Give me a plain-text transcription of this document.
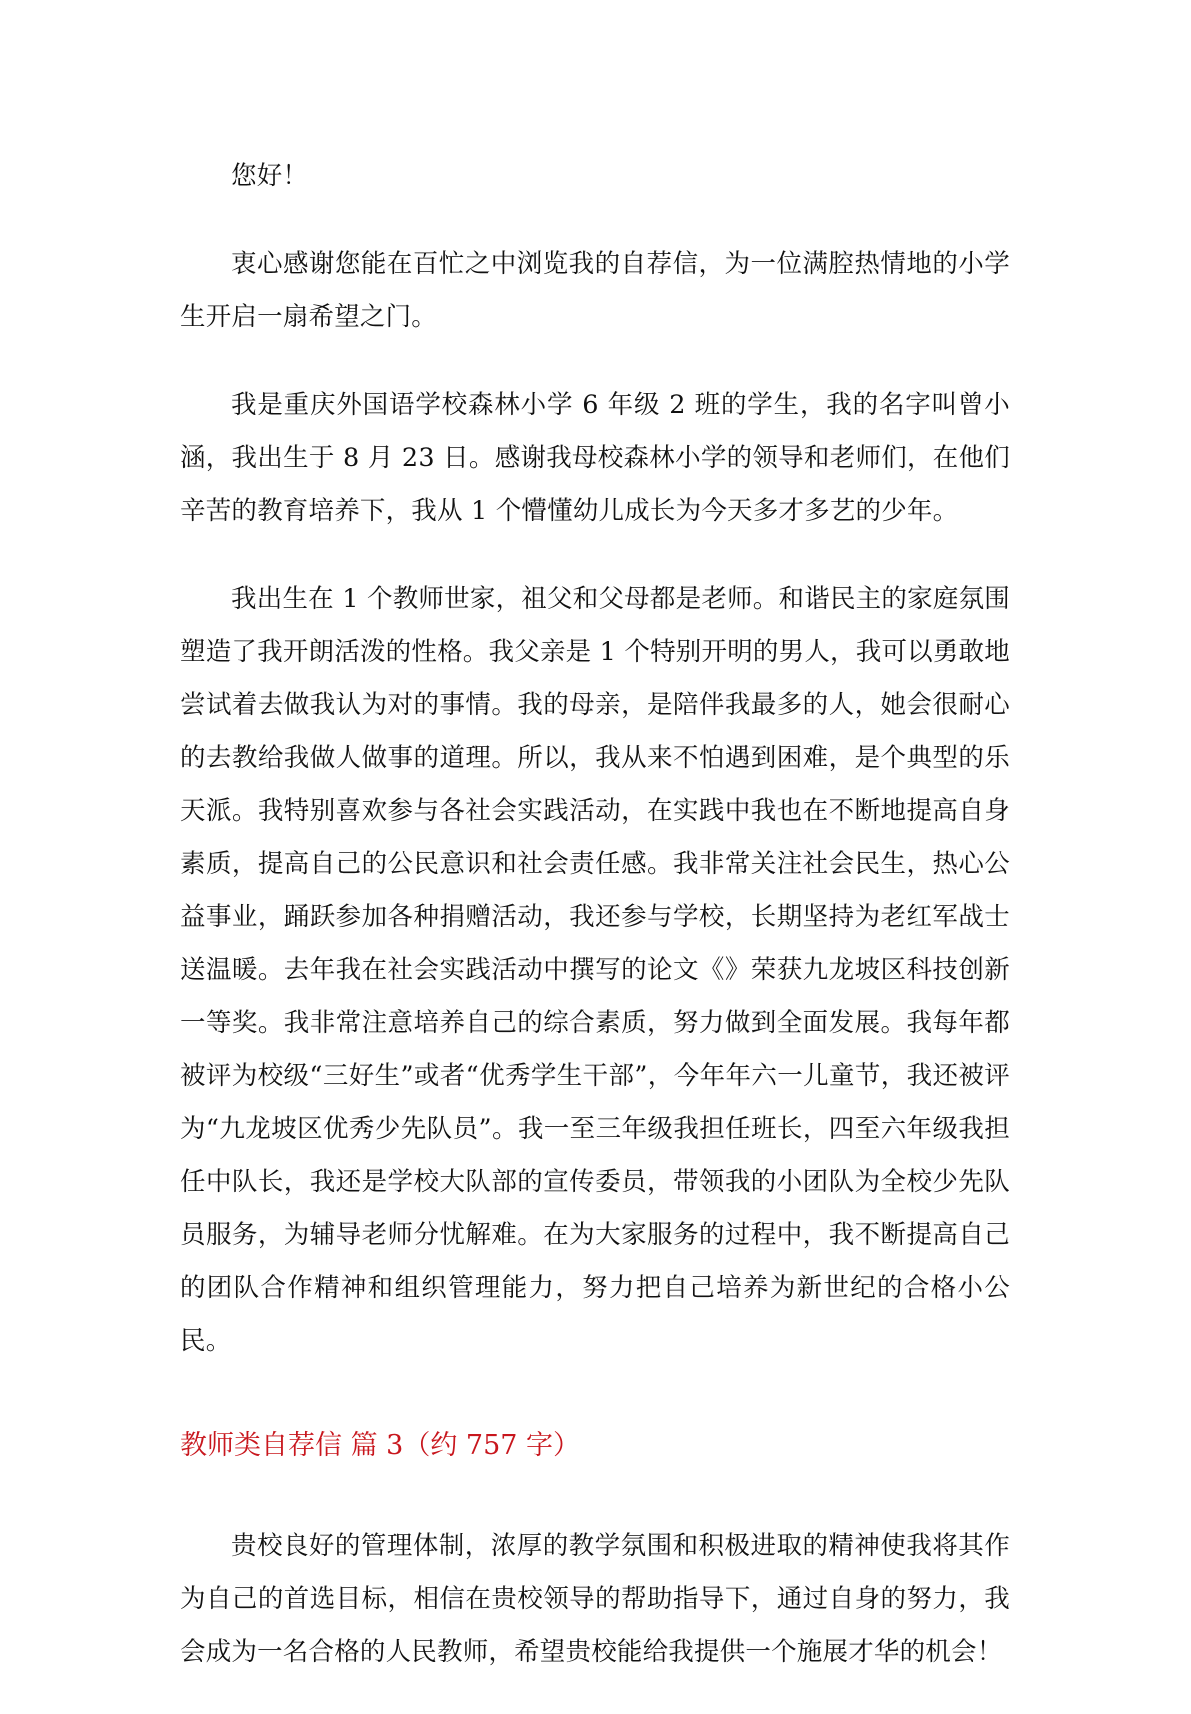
您好！

衷心感谢您能在百忙之中浏览我的自荐信，为一位满腔热情地的小学生开启一扇希望之门。

我是重庆外国语学校森林小学 6 年级 2 班的学生，我的名字叫曾小涵，我出生于 8 月 23 日。感谢我母校森林小学的领导和老师们，在他们辛苦的教育培养下，我从 1 个懵懂幼儿成长为今天多才多艺的少年。

我出生在 1 个教师世家，祖父和父母都是老师。和谐民主的家庭氛围塑造了我开朗活泼的性格。我父亲是 1 个特别开明的男人，我可以勇敢地尝试着去做我认为对的事情。我的母亲，是陪伴我最多的人，她会很耐心的去教给我做人做事的道理。所以，我从来不怕遇到困难，是个典型的乐天派。我特别喜欢参与各社会实践活动，在实践中我也在不断地提高自身素质，提高自己的公民意识和社会责任感。我非常关注社会民生，热心公益事业，踊跃参加各种捐赠活动，我还参与学校，长期坚持为老红军战士送温暖。去年我在社会实践活动中撰写的论文《》荣获九龙坡区科技创新一等奖。我非常注意培养自己的综合素质，努力做到全面发展。我每年都被评为校级“三好生”或者“优秀学生干部”，今年年六一儿童节，我还被评为“九龙坡区优秀少先队员”。我一至三年级我担任班长，四至六年级我担任中队长，我还是学校大队部的宣传委员，带领我的小团队为全校少先队员服务，为辅导老师分忧解难。在为大家服务的过程中，我不断提高自己的团队合作精神和组织管理能力，努力把自己培养为新世纪的合格小公民。

教师类自荐信 篇 3（约 757 字）

贵校良好的管理体制，浓厚的教学氛围和积极进取的精神使我将其作为自己的首选目标，相信在贵校领导的帮助指导下，通过自身的努力，我会成为一名合格的人民教师，希望贵校能给我提供一个施展才华的机会！
